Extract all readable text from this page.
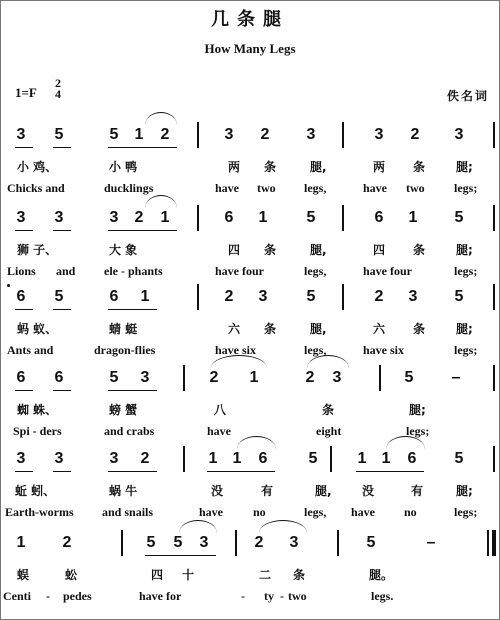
几条腿
How Many Legs
1=F
2
4	佚名词
3	5	5	1	2	3	2	3	3	2	3
小 鸡、	小 鸭	两 条	腿,	两 条	腿;
Chicks and	ducklings	have two legs,	have two legs;
3	3	3	2	1	6	1	5	6	1	5
狮 子、	大 象	四 条	腿,	四 条	腿;
Lions and ele - phants	have four	legs,	have four	legs;
6	5	6	1	2	3	5	2	3	5
蚂 蚁、	蜻 蜓	六 条	腿,	六 条	腿;
Ants and	dragon-flies	have six	legs,	have six	legs;
6	6	5	3	2	1	2	3	5	–
蜘 蛛、	螃 蟹	八	条	腿;
Spi - ders	and crabs	have	eight	legs;
3	3	3	2	1 1	6	5	1 1	6	5
蚯 蚓、	蜗 牛	没	有	腿,	没	有	腿;
Earth-worms and snails	have	no	legs, have no	legs;
1	2	5	5	3	2	3	5	–
蜈	蚣	四 十	二 条	腿。
Centi - pedes	have for	- ty - two	legs.
